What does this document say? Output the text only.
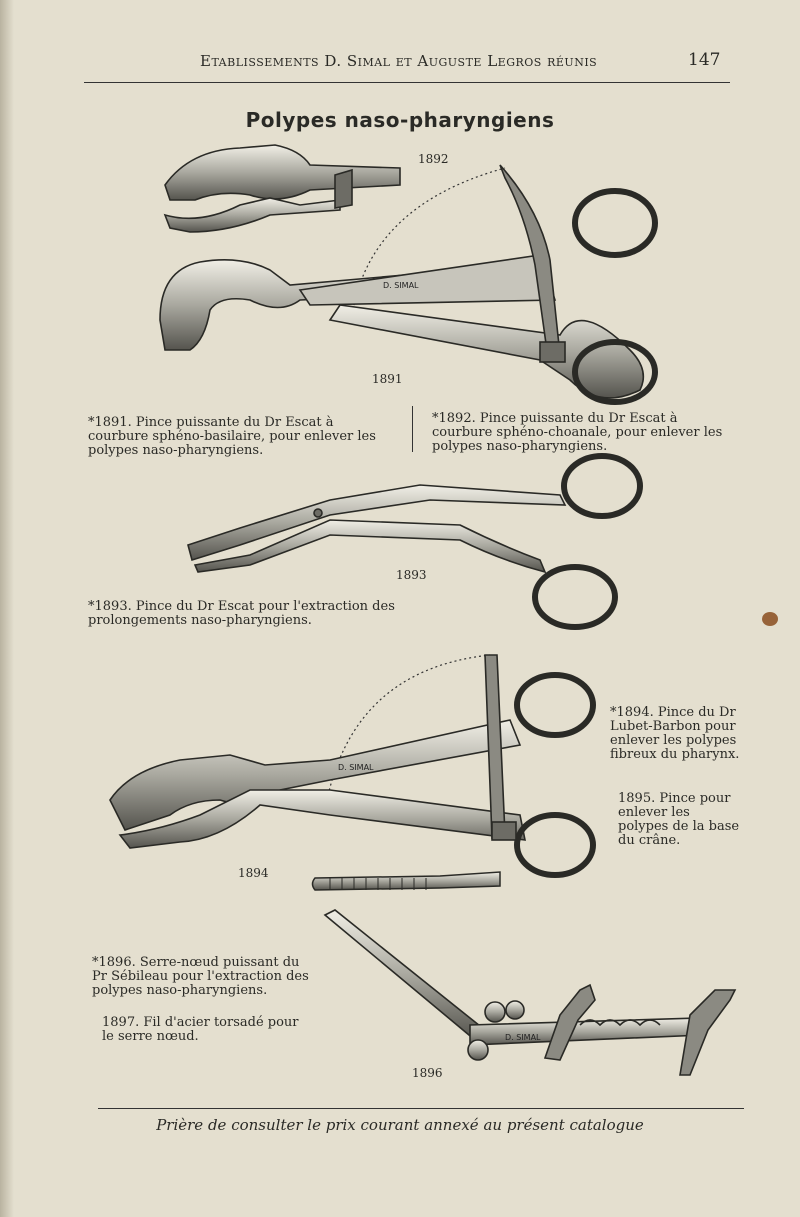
Etablissements D. Simal et Auguste Legros réunis	147
Polypes naso-pharyngiens
D. SIMAL
D. SIMAL
D. SIMAL
1892
1891
1893
1894
1896
*1891. Pince puissante du Dr Escat à courbure sphéno-basilaire, pour enlever les polypes naso-pharyngiens.
*1892. Pince puissante du Dr Escat à courbure sphéno-choanale, pour enlever les polypes naso-pharyngiens.
*1893. Pince du Dr Escat pour l'extraction des prolongements naso-pharyngiens.
*1894. Pince du Dr Lubet-Barbon pour enlever les polypes fibreux du pharynx.
1895. Pince pour enlever les polypes de la base du crâne.
*1896. Serre-nœud puissant du Pr Sébileau pour l'extraction des polypes naso-pharyngiens.
1897. Fil d'acier torsadé pour le serre nœud.
Prière de consulter le prix courant annexé au présent catalogue
